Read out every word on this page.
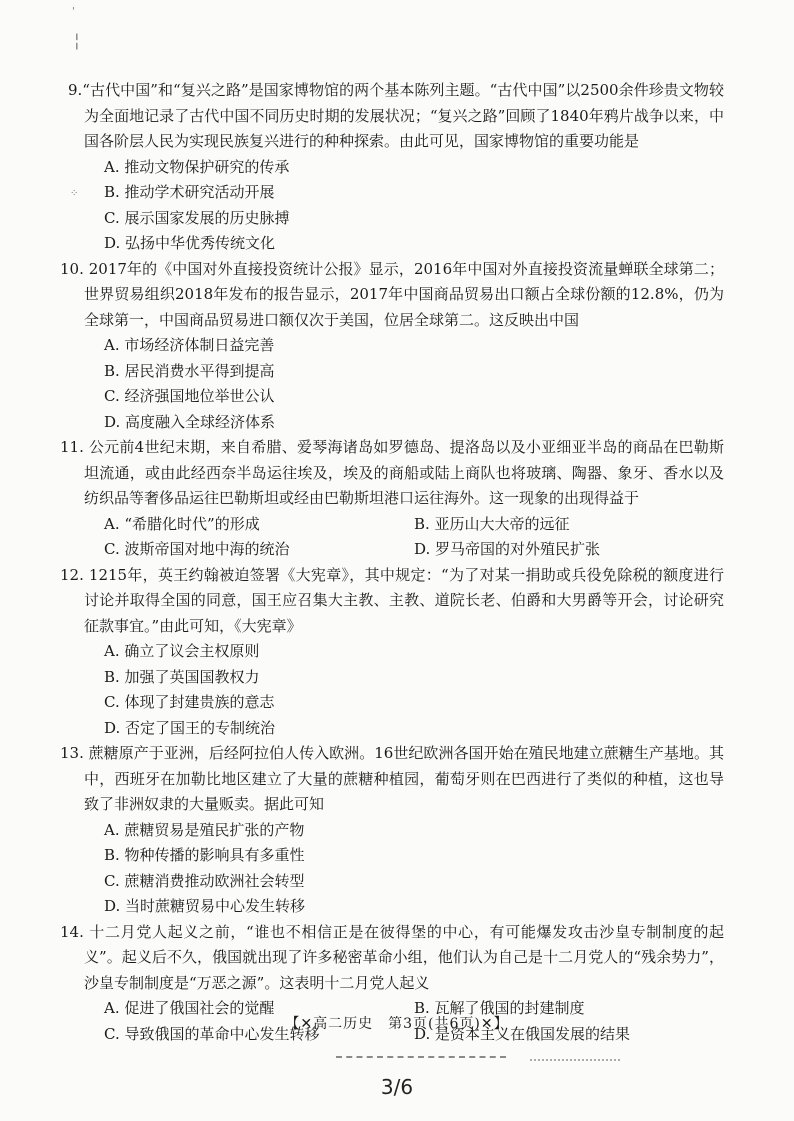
'
╎
⁘

9.“古代中国”和“复兴之路”是国家博物馆的两个基本陈列主题。“古代中国”以2500余件珍贵文物较为全面地记录了古代中国不同历史时期的发展状况；“复兴之路”回顾了1840年鸦片战争以来，中国各阶层人民为实现民族复兴进行的种种探索。由此可见，国家博物馆的重要功能是

A. 推动文物保护研究的传承

B. 推动学术研究活动开展

C. 展示国家发展的历史脉搏

D. 弘扬中华优秀传统文化

10. 2017年的《中国对外直接投资统计公报》显示，2016年中国对外直接投资流量蝉联全球第二；世界贸易组织2018年发布的报告显示，2017年中国商品贸易出口额占全球份额的12.8%，仍为全球第一，中国商品贸易进口额仅次于美国，位居全球第二。这反映出中国

A. 市场经济体制日益完善

B. 居民消费水平得到提高

C. 经济强国地位举世公认

D. 高度融入全球经济体系

11. 公元前4世纪末期，来自希腊、爱琴海诸岛如罗德岛、提洛岛以及小亚细亚半岛的商品在巴勒斯坦流通，或由此经西奈半岛运往埃及，埃及的商船或陆上商队也将玻璃、陶器、象牙、香水以及纺织品等奢侈品运往巴勒斯坦或经由巴勒斯坦港口运往海外。这一现象的出现得益于

A. “希腊化时代”的形成	B. 亚历山大大帝的远征

C. 波斯帝国对地中海的统治	D. 罗马帝国的对外殖民扩张

12. 1215年，英王约翰被迫签署《大宪章》，其中规定：“为了对某一捐助或兵役免除税的额度进行讨论并取得全国的同意，国王应召集大主教、主教、道院长老、伯爵和大男爵等开会，讨论研究征款事宜。”由此可知，《大宪章》

A. 确立了议会主权原则

B. 加强了英国国教权力

C. 体现了封建贵族的意志

D. 否定了国王的专制统治

13. 蔗糖原产于亚洲，后经阿拉伯人传入欧洲。16世纪欧洲各国开始在殖民地建立蔗糖生产基地。其中，西班牙在加勒比地区建立了大量的蔗糖种植园，葡萄牙则在巴西进行了类似的种植，这也导致了非洲奴隶的大量贩卖。据此可知

A. 蔗糖贸易是殖民扩张的产物

B. 物种传播的影响具有多重性

C. 蔗糖消费推动欧洲社会转型

D. 当时蔗糖贸易中心发生转移

14. 十二月党人起义之前，“谁也不相信正是在彼得堡的中心，有可能爆发攻击沙皇专制制度的起义”。起义后不久，俄国就出现了许多秘密革命小组，他们认为自己是十二月党人的“残余势力”，沙皇专制制度是“万恶之源”。这表明十二月党人起义

A. 促进了俄国社会的觉醒	B. 瓦解了俄国的封建制度

C. 导致俄国的革命中心发生转移	D. 是资本主义在俄国发展的结果

【✕高二历史　第3页(共6页)✕】
3/6
